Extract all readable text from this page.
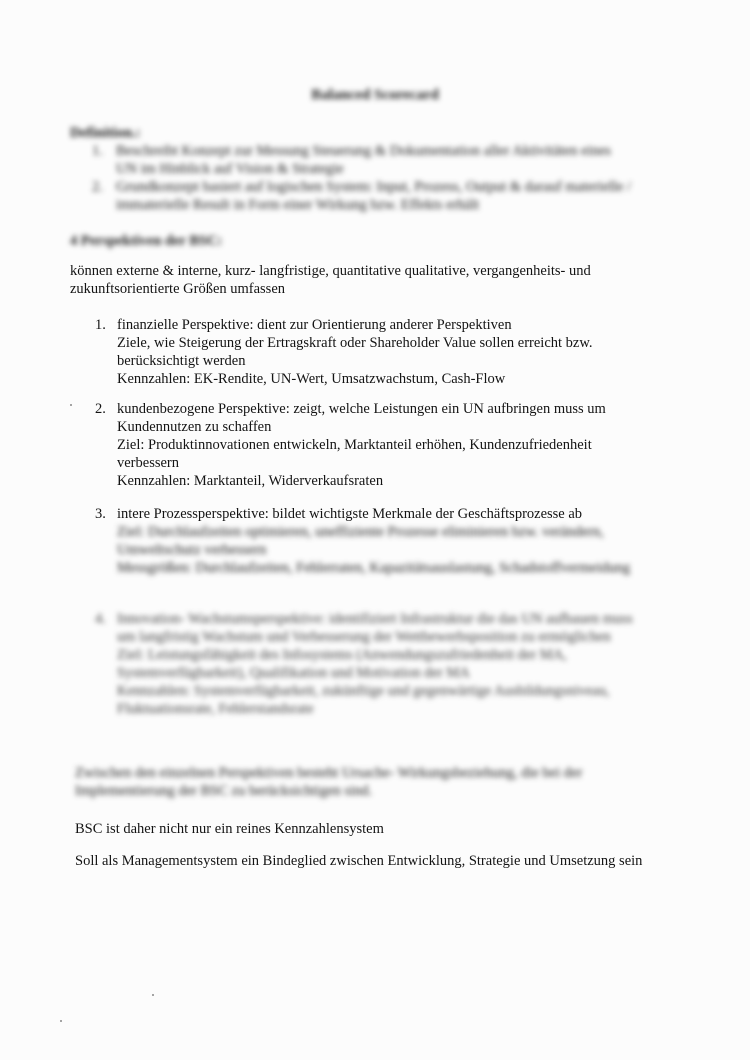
Balanced Scorecard
Definition.:
1. Beschreibt Konzept zur Messung Steuerung & Dokumentation aller Aktivitäten eines UN im Hinblick auf Vision & Strategie
2. Grundkonzept basiert auf logischen System: Input, Prozess, Output & darauf materielle / immaterielle Result in Form einer Wirkung bzw. Effekts erhält
4 Perspektiven der BSC:
können externe & interne, kurz- langfristige, quantitative qualitative, vergangenheits- und zukunftsorientierte Größen umfassen
1. finanzielle Perspektive: dient zur Orientierung anderer Perspektiven
Ziele, wie Steigerung der Ertragskraft oder Shareholder Value sollen erreicht bzw. berücksichtigt werden
Kennzahlen: EK-Rendite, UN-Wert, Umsatzwachstum, Cash-Flow
2. kundenbezogene Perspektive: zeigt, welche Leistungen ein UN aufbringen muss um Kundennutzen zu schaffen
Ziel: Produktinnovationen entwickeln, Marktanteil erhöhen, Kundenzufriedenheit verbessern
Kennzahlen: Marktanteil, Widerverkaufsraten
3. intere Prozessperspektive: bildet wichtigste Merkmale der Geschäftsprozesse ab
Ziel: Durchlaufzeiten optimieren, uneffiziente Prozesse eliminieren bzw. verändern, Umweltschutz verbessern
Messgrößen: Durchlaufzeiten, Fehlerraten, Kapazitätsauslastung, Schadstoffvermeidung
4. Innovation- Wachstumsperspektive: identifiziert Infrastruktur die das UN aufbauen muss um langfristig Wachstum und Verbesserung der Wettbewerbsposition zu ermöglichen
Ziel: Leistungsfähigkeit des Infosystems (Anwendungszufriedenheit der MA, Systemverfügbarkeit), Qualifikation und Motivation der MA
Kennzahlen: Systemverfügbarkeit, zukünftige und gegenwärtige Ausbildungsniveau, Fluktuationsrate, Fehlerstandsrate
Zwischen den einzelnen Perspektiven besteht Ursache- Wirkungsbeziehung, die bei der Implementierung der BSC zu berücksichtigen sind.
BSC ist daher nicht nur ein reines Kennzahlensystem
Soll als Managementsystem ein Bindeglied zwischen Entwicklung, Strategie und Umsetzung sein
